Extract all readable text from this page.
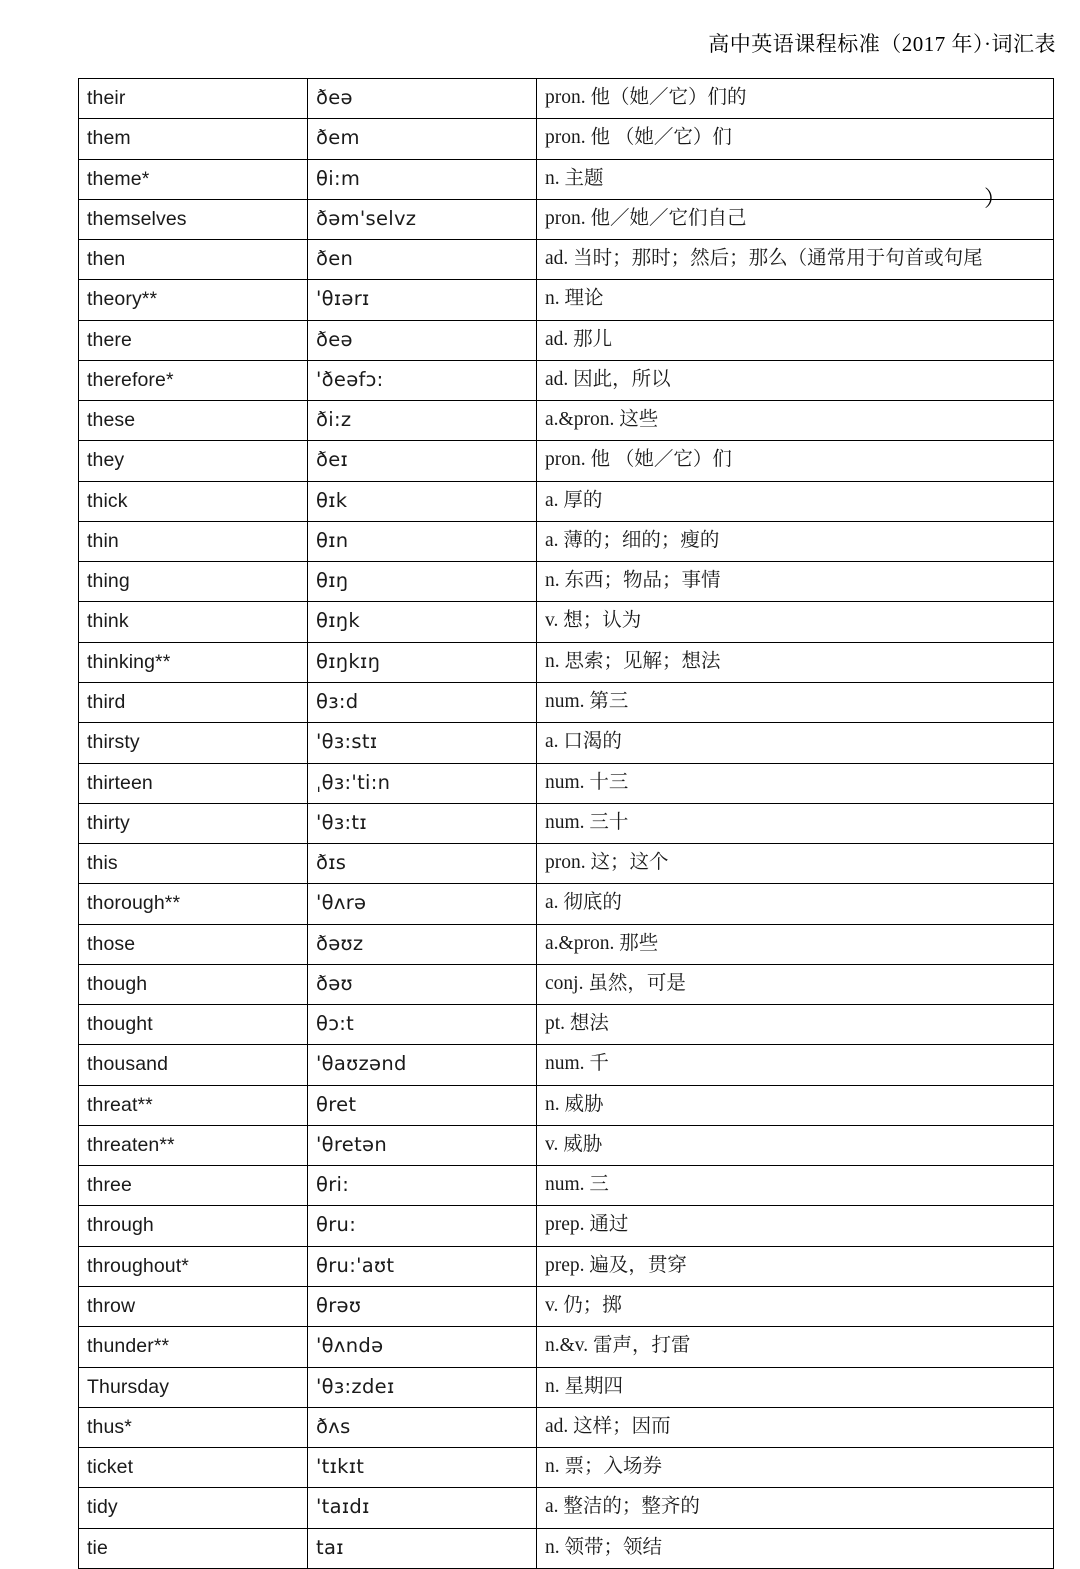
高中英语课程标准（2017 年）·词汇表
）
their	ðeə	pron. 他（她／它）们的
them	ðem	pron. 他 （她／它）们
theme*	θi:m	n. 主题
themselves	ðəm'selvz	pron. 他／她／它们自己
then	ðen	ad. 当时；那时；然后；那么（通常用于句首或句尾
theory**	'θɪərɪ	n. 理论
there	ðeə	ad. 那儿
therefore*	'ðeəfɔ:	ad. 因此，所以
these	ði:z	a.&pron. 这些
they	ðeɪ	pron. 他 （她／它）们
thick	θɪk	a. 厚的
thin	θɪn	a. 薄的；细的；瘦的
thing	θɪŋ	n. 东西；物品；事情
think	θɪŋk	v. 想；认为
thinking**	θɪŋkɪŋ	n. 思索；见解；想法
third	θɜ:d	num. 第三
thirsty	'θɜ:stɪ	a. 口渴的
thirteen	ˌθɜ:'ti:n	num. 十三
thirty	'θɜ:tɪ	num. 三十
this	ðɪs	pron. 这；这个
thorough**	'θʌrə	a. 彻底的
those	ðəʊz	a.&pron. 那些
though	ðəʊ	conj. 虽然，可是
thought	θɔ:t	pt. 想法
thousand	'θaʊzənd	num. 千
threat**	θret	n. 威胁
threaten**	'θretən	v. 威胁
three	θri:	num. 三
through	θru:	prep. 通过
throughout*	θru:'aʊt	prep. 遍及，贯穿
throw	θrəʊ	v. 仍；掷
thunder**	'θʌndə	n.&v. 雷声，打雷
Thursday	'θɜ:zdeɪ	n. 星期四
thus*	ðʌs	ad. 这样；因而
ticket	'tɪkɪt	n. 票；入场券
tidy	'taɪdɪ	a. 整洁的；整齐的
tie	taɪ	n. 领带；领结
